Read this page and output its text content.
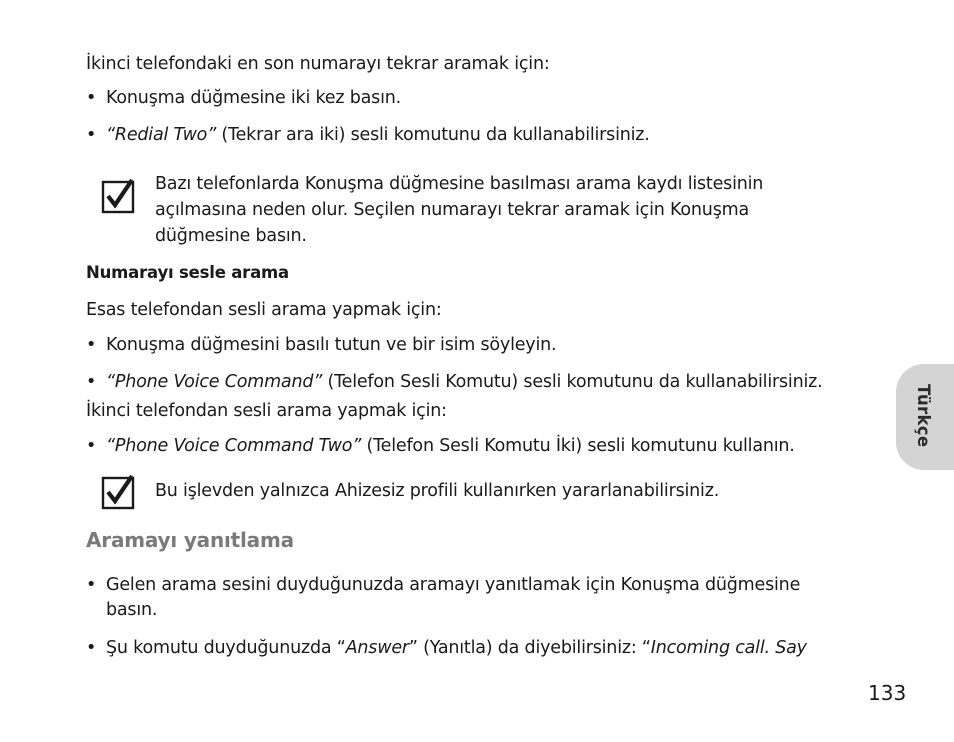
İkinci telefondaki en son numarayı tekrar aramak için:
• Konuşma düğmesine iki kez basın.
• “Redial Two” (Tekrar ara iki) sesli komutunu da kullanabilirsiniz.
Bazı telefonlarda Konuşma düğmesine basılması arama kaydı listesinin
açılmasına neden olur. Seçilen numarayı tekrar aramak için Konuşma
düğmesine basın.
Numarayı sesle arama
Esas telefondan sesli arama yapmak için:
• Konuşma düğmesini basılı tutun ve bir isim söyleyin.
• “Phone Voice Command” (Telefon Sesli Komutu) sesli komutunu da kullanabilirsiniz.
İkinci telefondan sesli arama yapmak için:
• “Phone Voice Command Two” (Telefon Sesli Komutu İki) sesli komutunu kullanın.
Bu işlevden yalnızca Ahizesiz profili kullanırken yararlanabilirsiniz.
Aramayı yanıtlama
• Gelen arama sesini duyduğunuzda aramayı yanıtlamak için Konuşma düğmesine
basın.
• Şu komutu duyduğunuzda “Answer” (Yanıtla) da diyebilirsiniz: “Incoming call. Say
Türkçe
133
